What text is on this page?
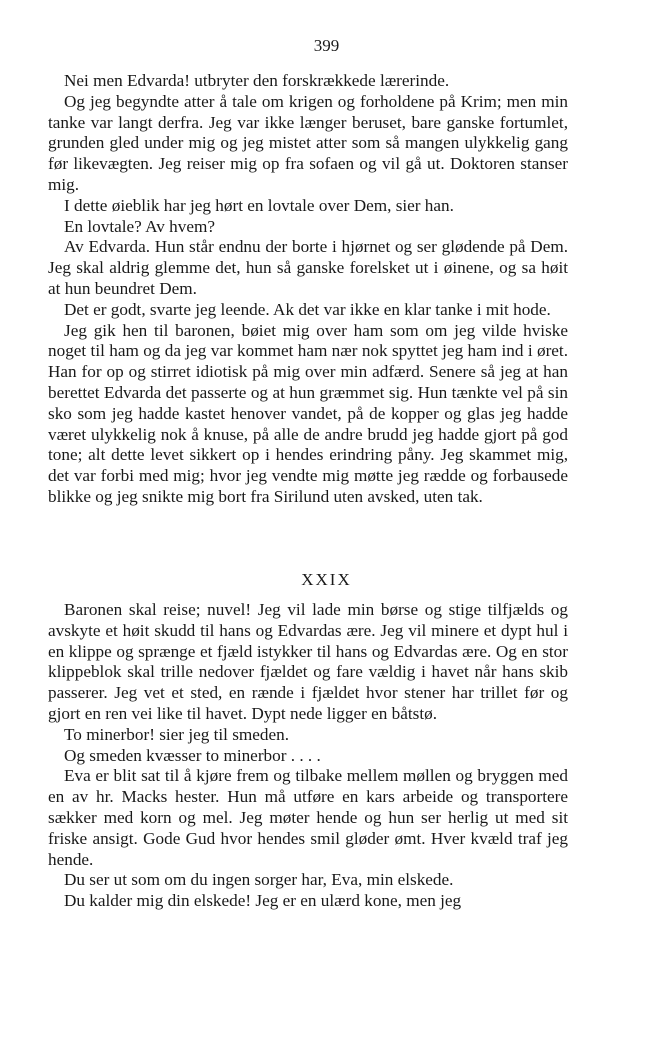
399

Nei men Edvarda! utbryter den forskrækkede lærerinde.

Og jeg begyndte atter å tale om krigen og forholdene på Krim; men min tanke var langt derfra. Jeg var ikke længer beruset, bare ganske fortumlet, grunden gled under mig og jeg mistet atter som så mangen ulykkelig gang før likevægten. Jeg reiser mig op fra sofaen og vil gå ut. Doktoren stanser mig.

I dette øieblik har jeg hørt en lovtale over Dem, sier han.

En lovtale? Av hvem?

Av Edvarda. Hun står endnu der borte i hjørnet og ser glødende på Dem. Jeg skal aldrig glemme det, hun så ganske forelsket ut i øinene, og sa høit at hun beundret Dem.

Det er godt, svarte jeg leende. Ak det var ikke en klar tanke i mit hode.

Jeg gik hen til baronen, bøiet mig over ham som om jeg vilde hviske noget til ham og da jeg var kommet ham nær nok spyttet jeg ham ind i øret. Han for op og stirret idiotisk på mig over min adfærd. Senere så jeg at han berettet Edvarda det passerte og at hun græmmet sig. Hun tænkte vel på sin sko som jeg hadde kastet henover vandet, på de kopper og glas jeg hadde været ulykkelig nok å knuse, på alle de andre brudd jeg hadde gjort på god tone; alt dette levet sikkert op i hendes erindring påny. Jeg skammet mig, det var forbi med mig; hvor jeg vendte mig møtte jeg rædde og forbausede blikke og jeg snikte mig bort fra Sirilund uten avsked, uten tak.

XXIX

Baronen skal reise; nuvel! Jeg vil lade min børse og stige tilfjælds og avskyte et høit skudd til hans og Edvardas ære. Jeg vil minere et dypt hul i en klippe og sprænge et fjæld istykker til hans og Edvardas ære. Og en stor klippeblok skal trille nedover fjældet og fare vældig i havet når hans skib passerer. Jeg vet et sted, en rænde i fjældet hvor stener har trillet før og gjort en ren vei like til havet. Dypt nede ligger en båtstø.

To minerbor! sier jeg til smeden.

Og smeden kvæsser to minerbor . . . .

Eva er blit sat til å kjøre frem og tilbake mellem møllen og bryggen med en av hr. Macks hester. Hun må utføre en kars arbeide og transportere sækker med korn og mel. Jeg møter hende og hun ser herlig ut med sit friske ansigt. Gode Gud hvor hendes smil gløder ømt. Hver kvæld traf jeg hende.

Du ser ut som om du ingen sorger har, Eva, min elskede.

Du kalder mig din elskede! Jeg er en ulærd kone, men jeg
